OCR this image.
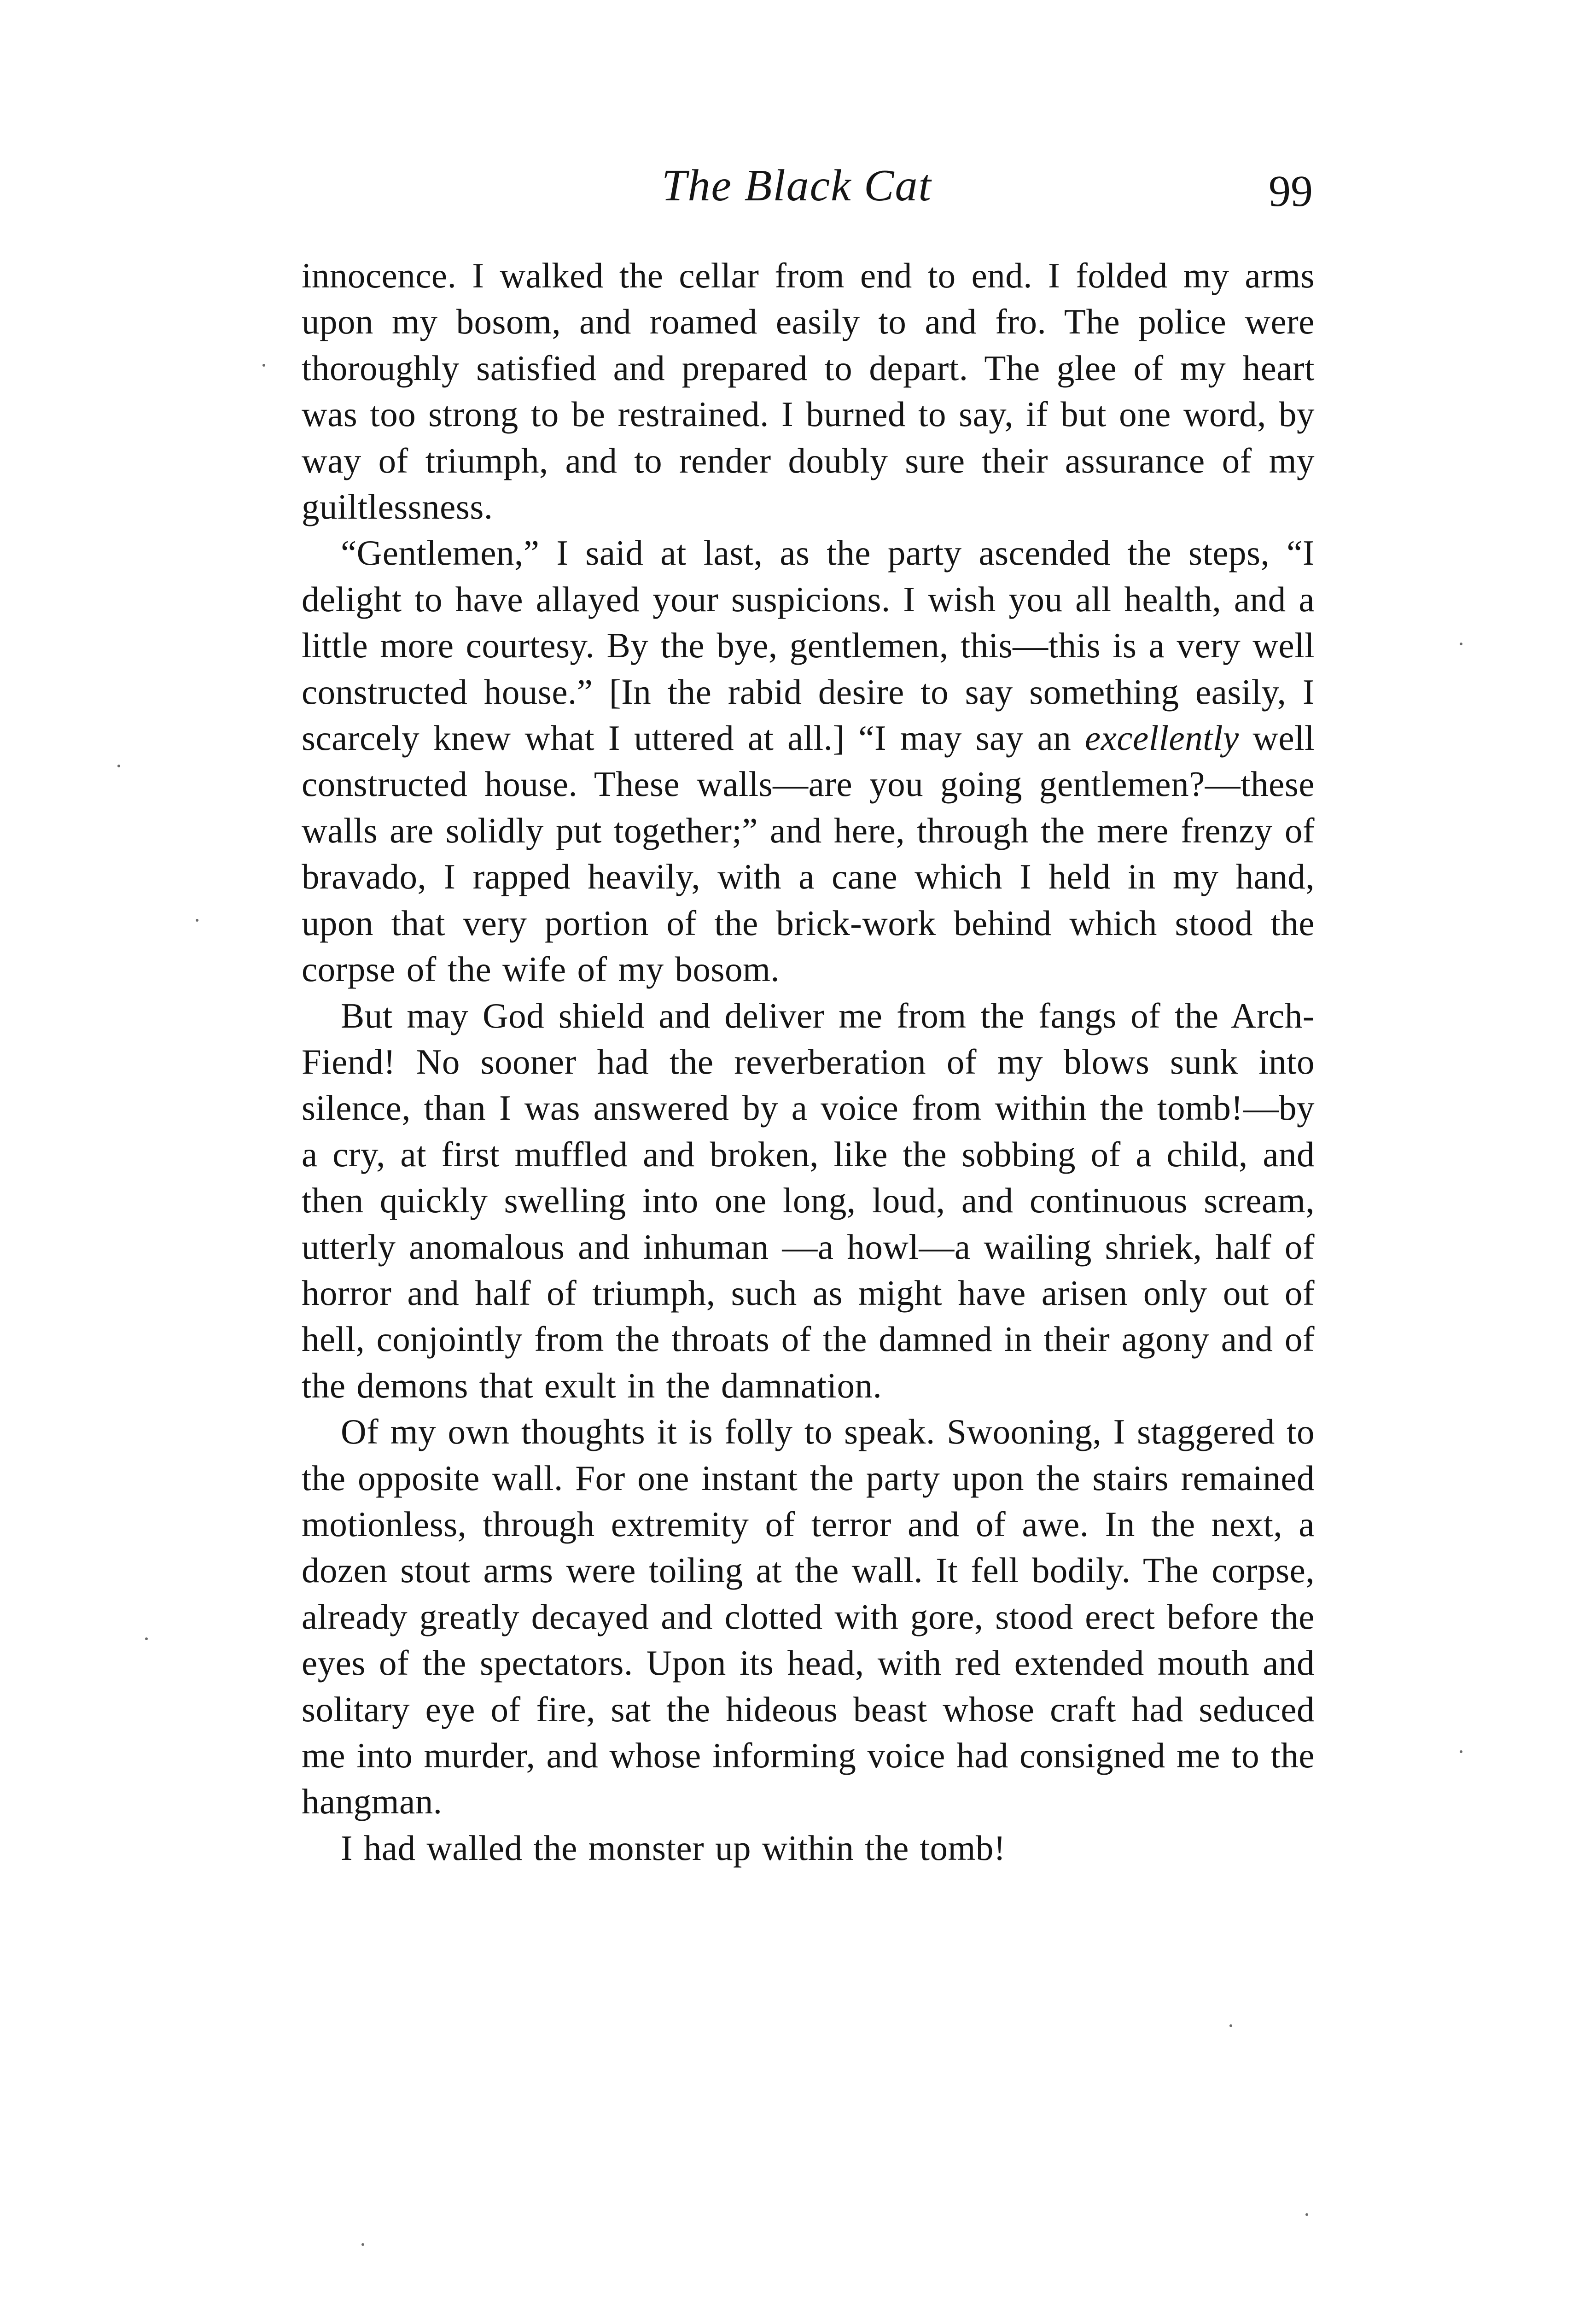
The Black Cat	99

innocence. I walked the cellar from end to end. I folded my arms upon my bosom, and roamed easily to and fro. The police were thoroughly satisfied and prepared to depart. The glee of my heart was too strong to be restrained. I burned to say, if but one word, by way of triumph, and to render doubly sure their assurance of my guiltlessness.

“Gentlemen,” I said at last, as the party ascended the steps, “I delight to have allayed your suspicions. I wish you all health, and a little more courtesy. By the bye, gentlemen, this—this is a very well constructed house.” [In the rabid desire to say something easily, I scarcely knew what I uttered at all.] “I may say an excellently well constructed house. These walls—are you going gentlemen?—these walls are solidly put together;” and here, through the mere frenzy of bravado, I rapped heavily, with a cane which I held in my hand, upon that very portion of the brick-work behind which stood the corpse of the wife of my bosom.

But may God shield and deliver me from the fangs of the Arch-Fiend! No sooner had the reverberation of my blows sunk into silence, than I was answered by a voice from within the tomb!—by a cry, at first muffled and broken, like the sobbing of a child, and then quickly swelling into one long, loud, and continuous scream, utterly anomalous and inhuman —a howl—a wailing shriek, half of horror and half of triumph, such as might have arisen only out of hell, conjointly from the throats of the damned in their agony and of the demons that exult in the damnation.

Of my own thoughts it is folly to speak. Swooning, I staggered to the opposite wall. For one instant the party upon the stairs remained motionless, through extremity of terror and of awe. In the next, a dozen stout arms were toiling at the wall. It fell bodily. The corpse, already greatly decayed and clotted with gore, stood erect before the eyes of the spectators. Upon its head, with red extended mouth and solitary eye of fire, sat the hideous beast whose craft had seduced me into murder, and whose informing voice had consigned me to the hangman.

I had walled the monster up within the tomb!
